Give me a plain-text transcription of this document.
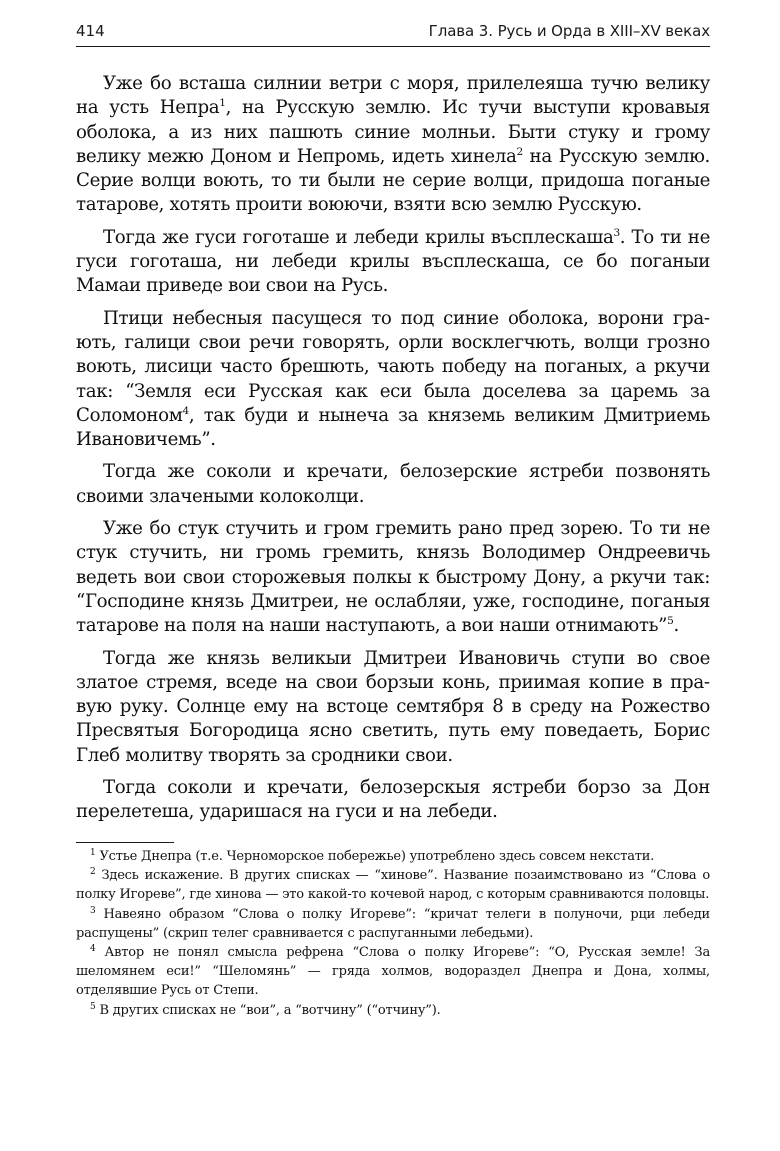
414	Глава 3. Русь и Орда в XIII–XV веках

Уже бо всташа силнии ветри с моря, прилелеяша тучю велику на усть Непра$^1$, на Русскую землю. Ис тучи выступи кровавыя оболока, а из них пашють синие молньи. Быти стуку и грому велику межю Доном и Непромь, идеть хинела$^2$ на Русскую землю. Серие волци воють, то ти были не серие волци, придоша поганые татарове, хотять проити воюючи, взяти всю землю Русскую.

Тогда же гуси гоготаше и лебеди крилы въсплескаша$^3$. То ти не гуси гоготаша, ни лебеди крилы въсплескаша, се бо поганыи Мамаи приведе вои свои на Русь.

Птици небесныя пасущеся то под синие оболока, ворони грають, галици свои речи говорять, орли восклегчють, волци грозно воють, лисици часто брешють, чають победу на поганых, а ркучи так: “Земля еси Русская как еси была доселева за царемь за Соломоном$^4$, так буди и нынеча за княземь великим Дмитриемь Ивановичемь”.

Тогда же соколи и кречати, белозерские ястреби позвонять своими злачеными колоколци.

Уже бо стук стучить и гром гремить рано пред зорею. То ти не стук стучить, ни громь гремить, князь Володимер Ондреевичь ведеть вои свои сторожевыя полкы к быстрому Дону, а ркучи так: “Господине князь Дмитреи, не ослабляи, уже, господине, поганыя татарове на поля на наши наступають, а вои наши отнимають”$^5$.

Тогда же князь великыи Дмитреи Ивановичь ступи во свое златое стремя, вседе на свои борзыи конь, приимая копие в правую руку. Солнце ему на встоце семтября 8 в среду на Рожество Пресвятыя Богородица ясно светить, путь ему поведаеть, Борис Глеб молитву творять за сродники свои.

Тогда соколи и кречати, белозерскыя ястреби борзо за Дон перелетеша, ударишася на гуси и на лебеди.

$^1$ Устье Днепра (т.е. Черноморское побережье) употреблено здесь совсем некстати.

$^2$ Здесь искажение. В других списках — “хинове”. Название позаимствовано из “Слова о полку Игореве”, где хинова — это какой-то кочевой народ, с которым сравниваются половцы.

$^3$ Навеяно образом “Слова о полку Игореве”: “кричат телеги в полуночи, рци лебеди распущены” (скрип телег сравнивается с распуганными лебедьми).

$^4$ Автор не понял смысла рефрена “Слова о полку Игореве”: “О, Русская земле! За шеломянем еси!” “Шеломянь” — гряда холмов, водораздел Днепра и Дона, холмы, отделявшие Русь от Степи.

$^5$ В других списках не “вои”, а “вотчину” (“отчину”).
